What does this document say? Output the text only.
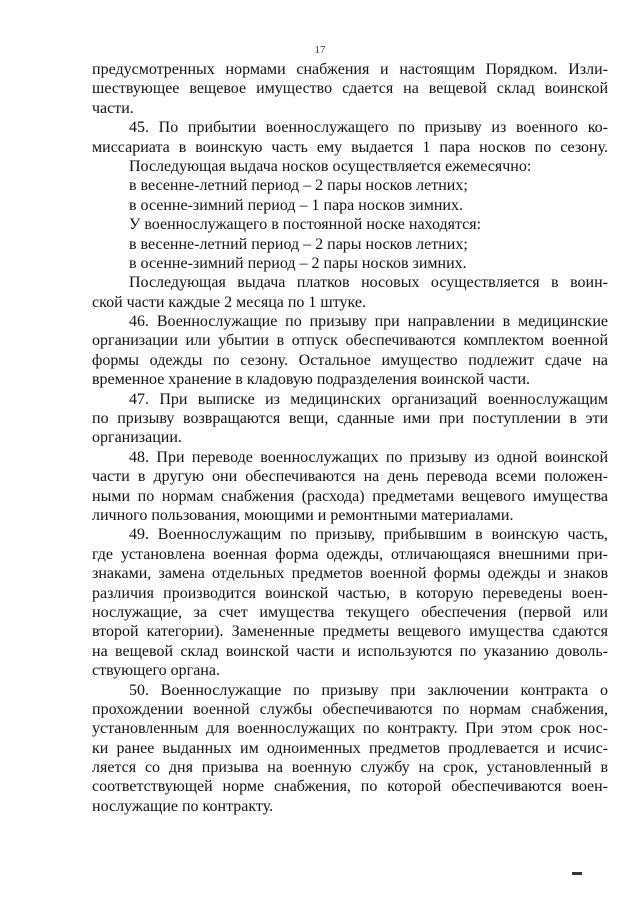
17
предусмотренных нормами снабжения и настоящим Порядком. Изли-
шествующее вещевое имущество сдается на вещевой склад воинской
части.
45. По прибытии военнослужащего по призыву из военного ко-
миссариата в воинскую часть ему выдается 1 пара носков по сезону.
Последующая выдача носков осуществляется ежемесячно:
в весенне-летний период – 2 пары носков летних;
в осенне-зимний период – 1 пара носков зимних.
У военнослужащего в постоянной носке находятся:
в весенне-летний период – 2 пары носков летних;
в осенне-зимний период – 2 пары носков зимних.
Последующая выдача платков носовых осуществляется в воин-
ской части каждые 2 месяца по 1 штуке.
46. Военнослужащие по призыву при направлении в медицинские
организации или убытии в отпуск обеспечиваются комплектом военной
формы одежды по сезону. Остальное имущество подлежит сдаче на
временное хранение в кладовую подразделения воинской части.
47. При выписке из медицинских организаций военнослужащим
по призыву возвращаются вещи, сданные ими при поступлении в эти
организации.
48. При переводе военнослужащих по призыву из одной воинской
части в другую они обеспечиваются на день перевода всеми положен-
ными по нормам снабжения (расхода) предметами вещевого имущества
личного пользования, моющими и ремонтными материалами.
49. Военнослужащим по призыву, прибывшим в воинскую часть,
где установлена военная форма одежды, отличающаяся внешними при-
знаками, замена отдельных предметов военной формы одежды и знаков
различия производится воинской частью, в которую переведены воен-
нослужащие, за счет имущества текущего обеспечения (первой или
второй категории). Замененные предметы вещевого имущества сдаются
на вещевой склад воинской части и используются по указанию доволь-
ствующего органа.
50. Военнослужащие по призыву при заключении контракта о
прохождении военной службы обеспечиваются по нормам снабжения,
установленным для военнослужащих по контракту. При этом срок нос-
ки ранее выданных им одноименных предметов продлевается и исчис-
ляется со дня призыва на военную службу на срок, установленный в
соответствующей норме снабжения, по которой обеспечиваются воен-
нослужащие по контракту.
